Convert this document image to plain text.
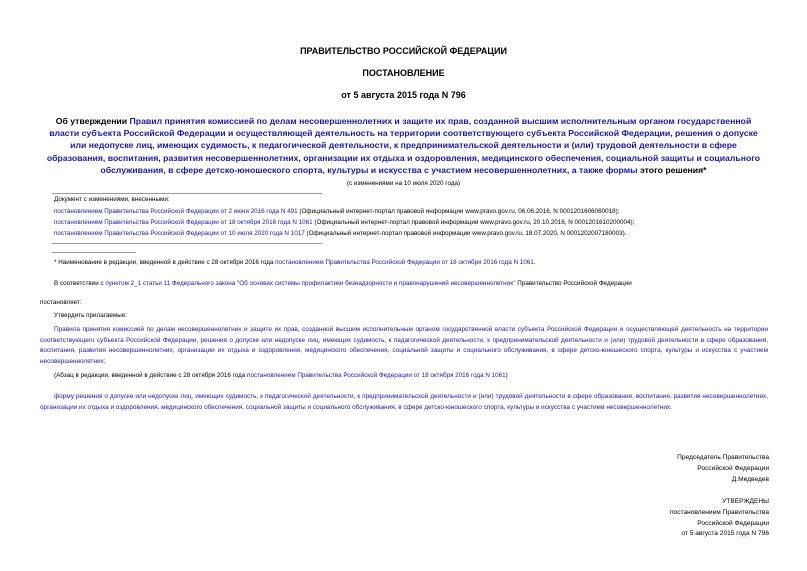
ПРАВИТЕЛЬСТВО РОССИЙСКОЙ ФЕДЕРАЦИИ
ПОСТАНОВЛЕНИЕ
от 5 августа 2015 года N 796
Об утверждении Правил принятия комиссией по делам несовершеннолетних и защите их прав, созданной высшим исполнительным органом государственной власти субъекта Российской Федерации и осуществляющей деятельность на территории соответствующего субъекта Российской Федерации, решения о допуске или недопуске лиц, имеющих судимость, к педагогической деятельности, к предпринимательской деятельности и (или) трудовой деятельности в сфере образования, воспитания, развития несовершеннолетних, организации их отдыха и оздоровления, медицинского обеспечения, социальной защиты и социального обслуживания, в сфере детско-юношеского спорта, культуры и искусства с участием несовершеннолетних, а также формы этого решения*
(с изменениями на 10 июля 2020 года)
Документ с изменениями, внесенными:
постановлением Правительства Российской Федерации от 2 июня 2016 года N 491 (Официальный интернет-портал правовой информации www.pravo.gov.ru, 06.06.2016, N 0001201606060018);
постановлением Правительства Российской Федерации от 18 октября 2016 года N 1061 (Официальный интернет-портал правовой информации www.pravo.gov.ru, 20.10.2016, N 0001201610200004);
постановлением Правительства Российской Федерации от 10 июля 2020 года N 1017 (Официальный интернет-портал правовой информации www.pravo.gov.ru, 18.07.2020, N 0001202007180003).
* Наименование в редакции, введенной в действие с 28 октября 2016 года постановлением Правительства Российской Федерации от 18 октября 2016 года N 1061.
В соответствии с пунктом 2_1 статьи 11 Федерального закона "Об основах системы профилактики безнадзорности и правонарушений несовершеннолетних" Правительство Российской Федерации
постановляет:
Утвердить прилагаемые:
Правила принятия комиссией по делам несовершеннолетних и защите их прав, созданной высшим исполнительным органом государственной власти субъекта Российской Федерации и осуществляющей деятельность на территории соответствующего субъекта Российской Федерации, решения о допуске или недопуске лиц, имеющих судимость, к педагогической деятельности, к предпринимательской деятельности и (или) трудовой деятельности в сфере образования, воспитания, развития несовершеннолетних, организации их отдыха и оздоровления, медицинского обеспечения, социальной защиты и социального обслуживания, в сфере детско-юношеского спорта, культуры и искусства с участием несовершеннолетних;
(Абзац в редакции, введенной в действие с 28 октября 2016 года постановлением Правительства Российской Федерации от 18 октября 2016 года N 1061)
форму решения о допуске или недопуске лиц, имеющих судимость, к педагогической деятельности, к предпринимательской деятельности и (или) трудовой деятельности в сфере образования, воспитания, развития несовершеннолетних, организации их отдыха и оздоровления, медицинского обеспечения, социальной защиты и социального обслуживания, в сфере детско-юношеского спорта, культуры и искусства с участием несовершеннолетних.
Председатель Правительства
Российской Федерации
Д.Медведев
УТВЕРЖДЕНЫ
постановлением Правительства
Российской Федерации
от 5 августа 2015 года N 796
